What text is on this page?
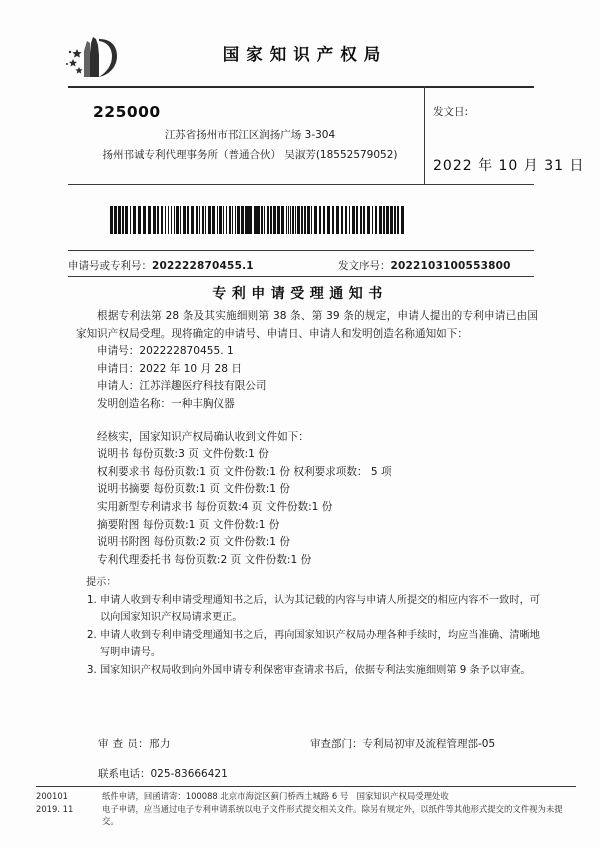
国家知识产权局
225000
江苏省扬州市邗江区润扬广场 3-304
扬州邗诚专利代理事务所（普通合伙） 吴淑芳(18552579052)
发文日:
2022 年 10 月 31 日
申请号或专利号：202222870455.1	发文序号：2022103100553800
专利申请受理通知书
根据专利法第 28 条及其实施细则第 38 条、第 39 条的规定，申请人提出的专利申请已由国家知识产权局受理。现将确定的申请号、申请日、申请人和发明创造名称通知如下：
申请号：202222870455. 1
申请日：2022 年 10 月 28 日
申请人：江苏洋趣医疗科技有限公司
发明创造名称：一种丰胸仪器
经核实，国家知识产权局确认收到文件如下：
说明书 每份页数:3 页 文件份数:1 份
权利要求书 每份页数:1 页 文件份数:1 份 权利要求项数： 5 项
说明书摘要 每份页数:1 页 文件份数:1 份
实用新型专利请求书 每份页数:4 页 文件份数:1 份
摘要附图 每份页数:1 页 文件份数:1 份
说明书附图 每份页数:2 页 文件份数:1 份
专利代理委托书 每份页数:2 页 文件份数:1 份
提示：
1. 申请人收到专利申请受理通知书之后，认为其记载的内容与申请人所提交的相应内容不一致时，可以向国家知识产权局请求更正。
2. 申请人收到专利申请受理通知书之后，再向国家知识产权局办理各种手续时，均应当准确、清晰地写明申请号。
3. 国家知识产权局收到向外国申请专利保密审查请求书后，依据专利法实施细则第 9 条予以审查。
审 查 员：邢力	审查部门：专利局初审及流程管理部-05
联系电话：025-83666421
200101	纸件申请，回函请寄：100088 北京市海淀区蓟门桥西土城路 6 号　国家知识产权局受理处收
2019. 11	电子申请，应当通过电子专利申请系统以电子文件形式提交相关文件。除另有规定外，以纸件等其他形式提交的文件视为未提交。
